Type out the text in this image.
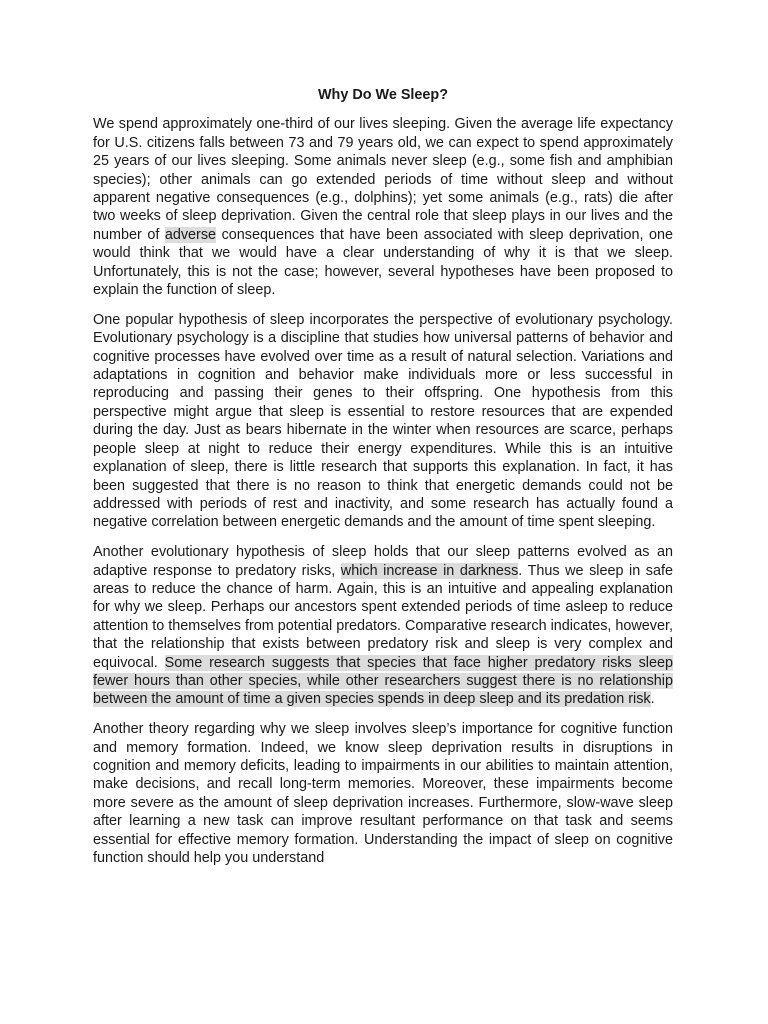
Why Do We Sleep?

We spend approximately one-third of our lives sleeping. Given the average life expectancy for U.S. citizens falls between 73 and 79 years old, we can expect to spend approximately 25 years of our lives sleeping. Some animals never sleep (e.g., some fish and amphibian species); other animals can go extended periods of time without sleep and without apparent negative consequences (e.g., dolphins); yet some animals (e.g., rats) die after two weeks of sleep deprivation. Given the central role that sleep plays in our lives and the number of adverse consequences that have been associated with sleep deprivation, one would think that we would have a clear understanding of why it is that we sleep. Unfortunately, this is not the case; however, several hypotheses have been proposed to explain the function of sleep.

One popular hypothesis of sleep incorporates the perspective of evolutionary psychology. Evolutionary psychology is a discipline that studies how universal patterns of behavior and cognitive processes have evolved over time as a result of natural selection. Variations and adaptations in cognition and behavior make individuals more or less successful in reproducing and passing their genes to their offspring. One hypothesis from this perspective might argue that sleep is essential to restore resources that are expended during the day. Just as bears hibernate in the winter when resources are scarce, perhaps people sleep at night to reduce their energy expenditures. While this is an intuitive explanation of sleep, there is little research that supports this explanation. In fact, it has been suggested that there is no reason to think that energetic demands could not be addressed with periods of rest and inactivity, and some research has actually found a negative correlation between energetic demands and the amount of time spent sleeping.

Another evolutionary hypothesis of sleep holds that our sleep patterns evolved as an adaptive response to predatory risks, which increase in darkness. Thus we sleep in safe areas to reduce the chance of harm. Again, this is an intuitive and appealing explanation for why we sleep. Perhaps our ancestors spent extended periods of time asleep to reduce attention to themselves from potential predators. Comparative research indicates, however, that the relationship that exists between predatory risk and sleep is very complex and equivocal. Some research suggests that species that face higher predatory risks sleep fewer hours than other species, while other researchers suggest there is no relationship between the amount of time a given species spends in deep sleep and its predation risk.

Another theory regarding why we sleep involves sleep’s importance for cognitive function and memory formation. Indeed, we know sleep deprivation results in disruptions in cognition and memory deficits, leading to impairments in our abilities to maintain attention, make decisions, and recall long-term memories. Moreover, these impairments become more severe as the amount of sleep deprivation increases. Furthermore, slow-wave sleep after learning a new task can improve resultant performance on that task and seems essential for effective memory formation. Understanding the impact of sleep on cognitive function should help you understand
